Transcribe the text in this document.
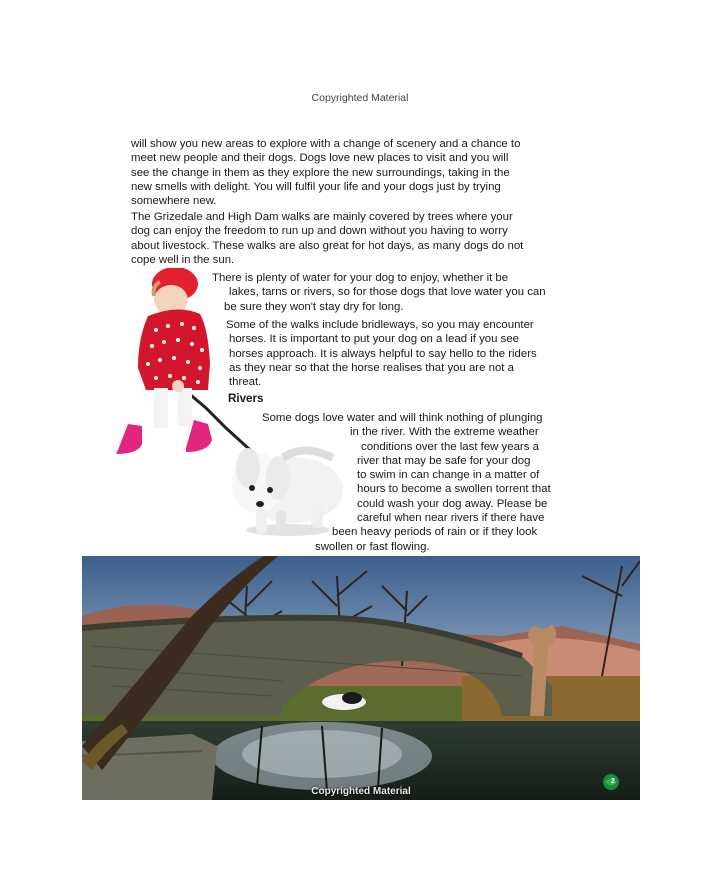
Copyrighted Material
will show you new areas to explore with a change of scenery and a chance to
meet new people and their dogs. Dogs love new places to visit and you will
see the change in them as they explore the new surroundings, taking in the
new smells with delight. You will fulfil your life and your dogs just by trying
somewhere new.
The Grizedale and High Dam walks are mainly covered by trees where your
dog can enjoy the freedom to run up and down without you having to worry
about livestock. These walks are also great for hot days, as many dogs do not
cope well in the sun.
There is plenty of water for your dog to enjoy, whether it be
lakes, tarns or rivers, so for those dogs that love water you can
be sure they won't stay dry for long.
Some of the walks include bridleways, so you may encounter
horses. It is important to put your dog on a lead if you see
horses approach. It is always helpful to say hello to the riders
as they near so that the horse realises that you are not a
threat.
Rivers
Some dogs love water and will think nothing of plunging
in the river. With the extreme weather
conditions over the last few years a
river that may be safe for your dog
to swim in can change in a matter of
hours to become a swollen torrent that
could wash your dog away. Please be
careful when near rivers if there have
been heavy periods of rain or if they look
swollen or fast flowing.
Copyrighted Material
2
